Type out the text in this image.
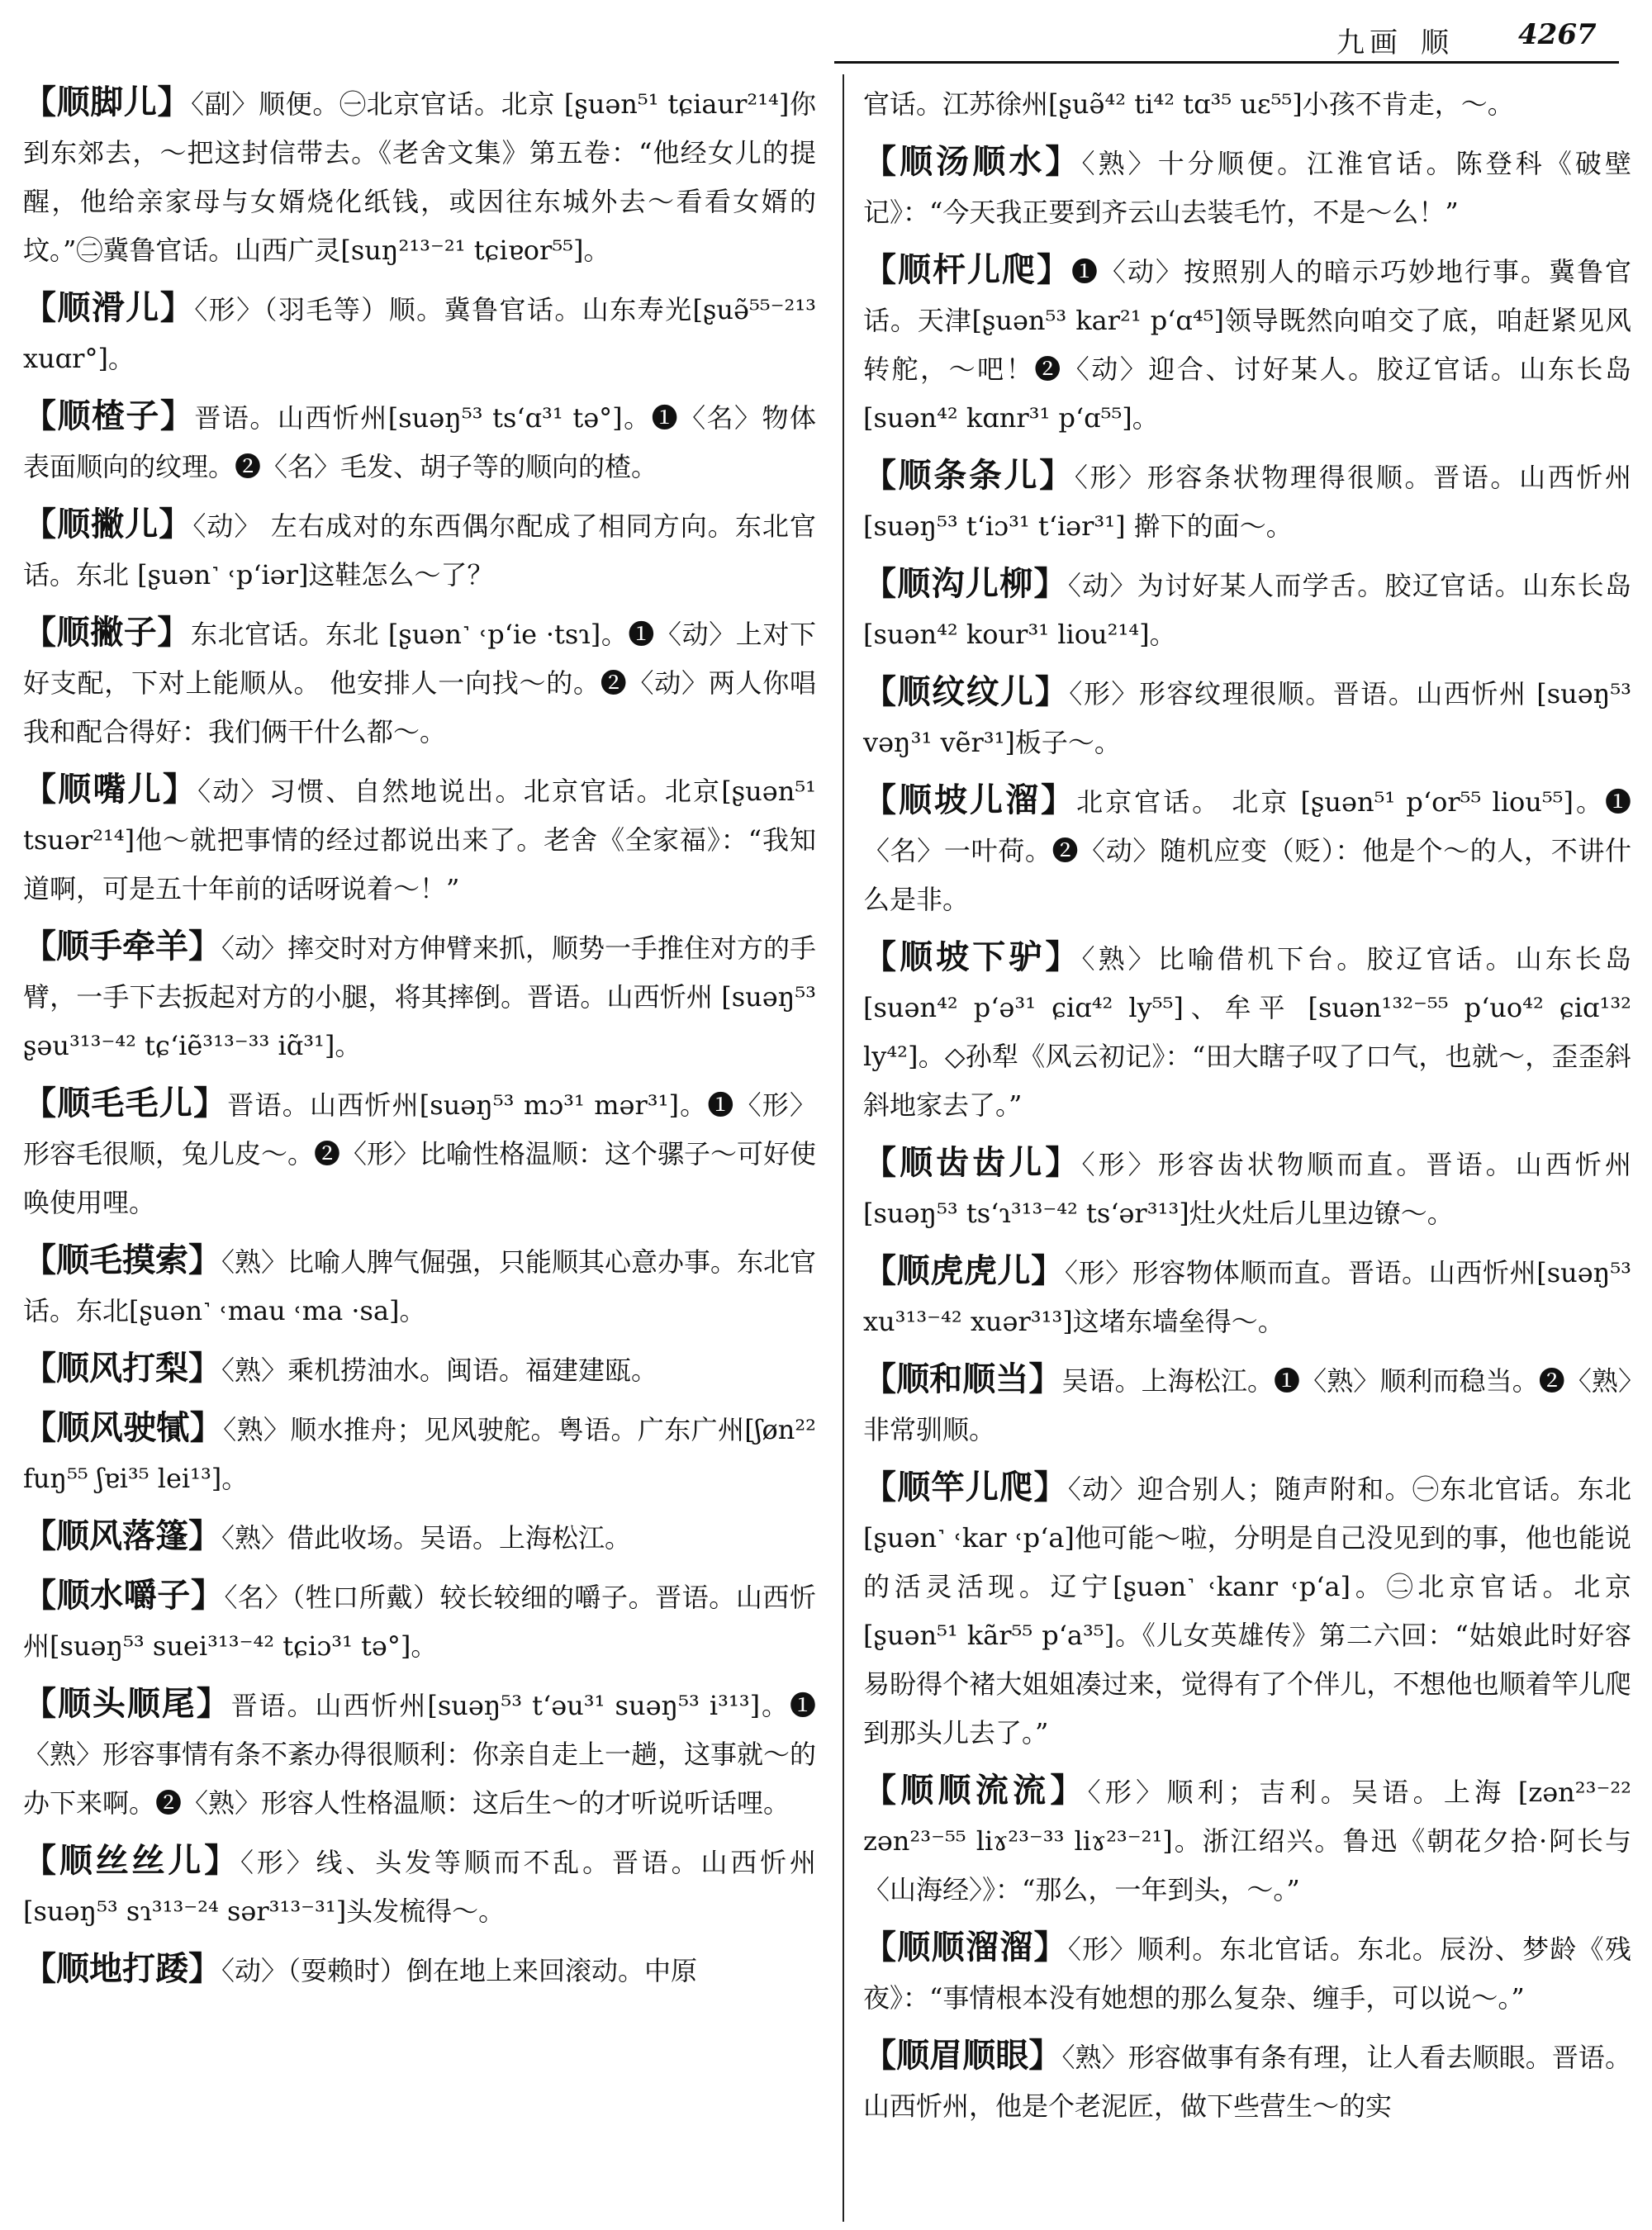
九画 顺 4267
【顺脚儿】〈副〉顺便。㊀北京官话。北京 [ʂuən⁵¹ tɕiaur²¹⁴]你到东郊去，～把这封信带去。《老舍文集》第五卷：“他经女儿的提醒，他给亲家母与女婿烧化纸钱，或因往东城外去～看看女婿的坟。”㊁冀鲁官话。山西广灵[suŋ²¹³⁻²¹ tɕiɐor⁵⁵]。
【顺滑儿】〈形〉（羽毛等）顺。冀鲁官话。山东寿光[ʂuə̃⁵⁵⁻²¹³ xuɑr°]。
【顺楂子】晋语。山西忻州[suəŋ⁵³ tsʻɑ³¹ tə°]。❶〈名〉物体表面顺向的纹理。❷〈名〉毛发、胡子等的顺向的楂。
【顺撇儿】〈动〉 左右成对的东西偶尔配成了相同方向。东北官话。东北 [ʂuən˺ ˓pʻiər]这鞋怎么～了？
【顺撇子】东北官话。东北 [ʂuən˺ ˓pʻie ·tsɿ]。❶〈动〉上对下好支配，下对上能顺从。 他安排人一向找～的。❷〈动〉两人你唱我和配合得好：我们俩干什么都～。
【顺嘴儿】〈动〉习惯、自然地说出。北京官话。北京[ʂuən⁵¹ tsuər²¹⁴]他～就把事情的经过都说出来了。老舍《全家福》：“我知道啊，可是五十年前的话呀说着～！”
【顺手牵羊】〈动〉摔交时对方伸臂来抓，顺势一手推住对方的手臂，一手下去扳起对方的小腿，将其摔倒。晋语。山西忻州 [suəŋ⁵³ ʂəu³¹³⁻⁴² tɕʻiẽ³¹³⁻³³ iɑ̃³¹]。
【顺毛毛儿】晋语。山西忻州[suəŋ⁵³ mɔ³¹ mər³¹]。❶〈形〉形容毛很顺，兔儿皮～。❷〈形〉比喻性格温顺：这个骡子～可好使唤使用哩。
【顺毛摸索】〈熟〉比喻人脾气倔强，只能顺其心意办事。东北官话。东北[ʂuən˺ ˓mau ˓ma ·sa]。
【顺风打梨】〈熟〉乘机捞油水。闽语。福建建瓯。
【顺风驶㹑】〈熟〉顺水推舟；见风驶舵。粤语。广东广州[ʃøn²² fuŋ⁵⁵ ʃɐi³⁵ lei¹³]。
【顺风落篷】〈熟〉借此收场。吴语。上海松江。
【顺水嚼子】〈名〉（牲口所戴）较长较细的嚼子。晋语。山西忻州[suəŋ⁵³ suei³¹³⁻⁴² tɕiɔ³¹ tə°]。
【顺头顺尾】晋语。山西忻州[suəŋ⁵³ tʻəu³¹ suəŋ⁵³ i³¹³]。❶〈熟〉形容事情有条不紊办得很顺利：你亲自走上一趟，这事就～的办下来啊。❷〈熟〉形容人性格温顺：这后生～的才听说听话哩。
【顺丝丝儿】〈形〉线、头发等顺而不乱。晋语。山西忻州[suəŋ⁵³ sɿ³¹³⁻²⁴ sər³¹³⁻³¹]头发梳得～。
【顺地打踒】〈动〉（耍赖时）倒在地上来回滚动。中原
官话。江苏徐州[ʂuə̃⁴² ti⁴² tɑ³⁵ uɛ⁵⁵]小孩不肯走，～。
【顺汤顺水】〈熟〉十分顺便。江淮官话。陈登科《破壁记》：“今天我正要到齐云山去装毛竹，不是～么！”
【顺杆儿爬】❶〈动〉按照别人的暗示巧妙地行事。冀鲁官话。天津[ʂuən⁵³ kar²¹ pʻɑ⁴⁵]领导既然向咱交了底，咱赶紧见风转舵，～吧！❷〈动〉迎合、讨好某人。胶辽官话。山东长岛 [suən⁴² kɑnr³¹ pʻɑ⁵⁵]。
【顺条条儿】〈形〉形容条状物理得很顺。晋语。山西忻州[suəŋ⁵³ tʻiɔ³¹ tʻiər³¹] 擀下的面～。
【顺沟儿柳】〈动〉为讨好某人而学舌。胶辽官话。山东长岛[suən⁴² kour³¹ liou²¹⁴]。
【顺纹纹儿】〈形〉形容纹理很顺。晋语。山西忻州 [suəŋ⁵³ vəŋ³¹ vẽr³¹]板子～。
【顺坡儿溜】北京官话。 北京 [ʂuən⁵¹ pʻor⁵⁵ liou⁵⁵]。❶〈名〉一叶荷。❷〈动〉随机应变（贬）：他是个～的人，不讲什么是非。
【顺坡下驴】〈熟〉比喻借机下台。胶辽官话。山东长岛 [suən⁴² pʻə³¹ ɕiɑ⁴² ly⁵⁵]、牟平 [suən¹³²⁻⁵⁵ pʻuo⁴² ɕiɑ¹³² ly⁴²]。◇孙犁《风云初记》：“田大瞎子叹了口气，也就～，歪歪斜斜地家去了。”
【顺齿齿儿】〈形〉形容齿状物顺而直。晋语。山西忻州[suəŋ⁵³ tsʻɿ³¹³⁻⁴² tsʻər³¹³]灶火灶后儿里边镣～。
【顺虎虎儿】〈形〉形容物体顺而直。晋语。山西忻州[suəŋ⁵³ xu³¹³⁻⁴² xuər³¹³]这堵东墙垒得～。
【顺和顺当】吴语。上海松江。❶〈熟〉顺利而稳当。❷〈熟〉非常驯顺。
【顺竿儿爬】〈动〉迎合别人；随声附和。㊀东北官话。东北 [ʂuən˺ ˓kar ˓pʻa]他可能～啦，分明是自己没见到的事，他也能说的活灵活现。辽宁[ʂuən˺ ˓kanr ˓pʻa]。㊁北京官话。北京 [ʂuən⁵¹ kãr⁵⁵ pʻa³⁵]。《儿女英雄传》第二六回：“姑娘此时好容易盼得个褚大姐姐凑过来，觉得有了个伴儿，不想他也顺着竿儿爬到那头儿去了。”
【顺顺流流】〈形〉顺利；吉利。吴语。上海 [zən²³⁻²² zən²³⁻⁵⁵ liɤ²³⁻³³ liɤ²³⁻²¹]。浙江绍兴。鲁迅《朝花夕拾·阿长与〈山海经〉》：“那么，一年到头，～。”
【顺顺溜溜】〈形〉顺利。东北官话。东北。辰汾、梦龄《残夜》：“事情根本没有她想的那么复杂、缠手，可以说～。”
【顺眉顺眼】〈熟〉形容做事有条有理，让人看去顺眼。晋语。山西忻州，他是个老泥匠，做下些营生～的实
